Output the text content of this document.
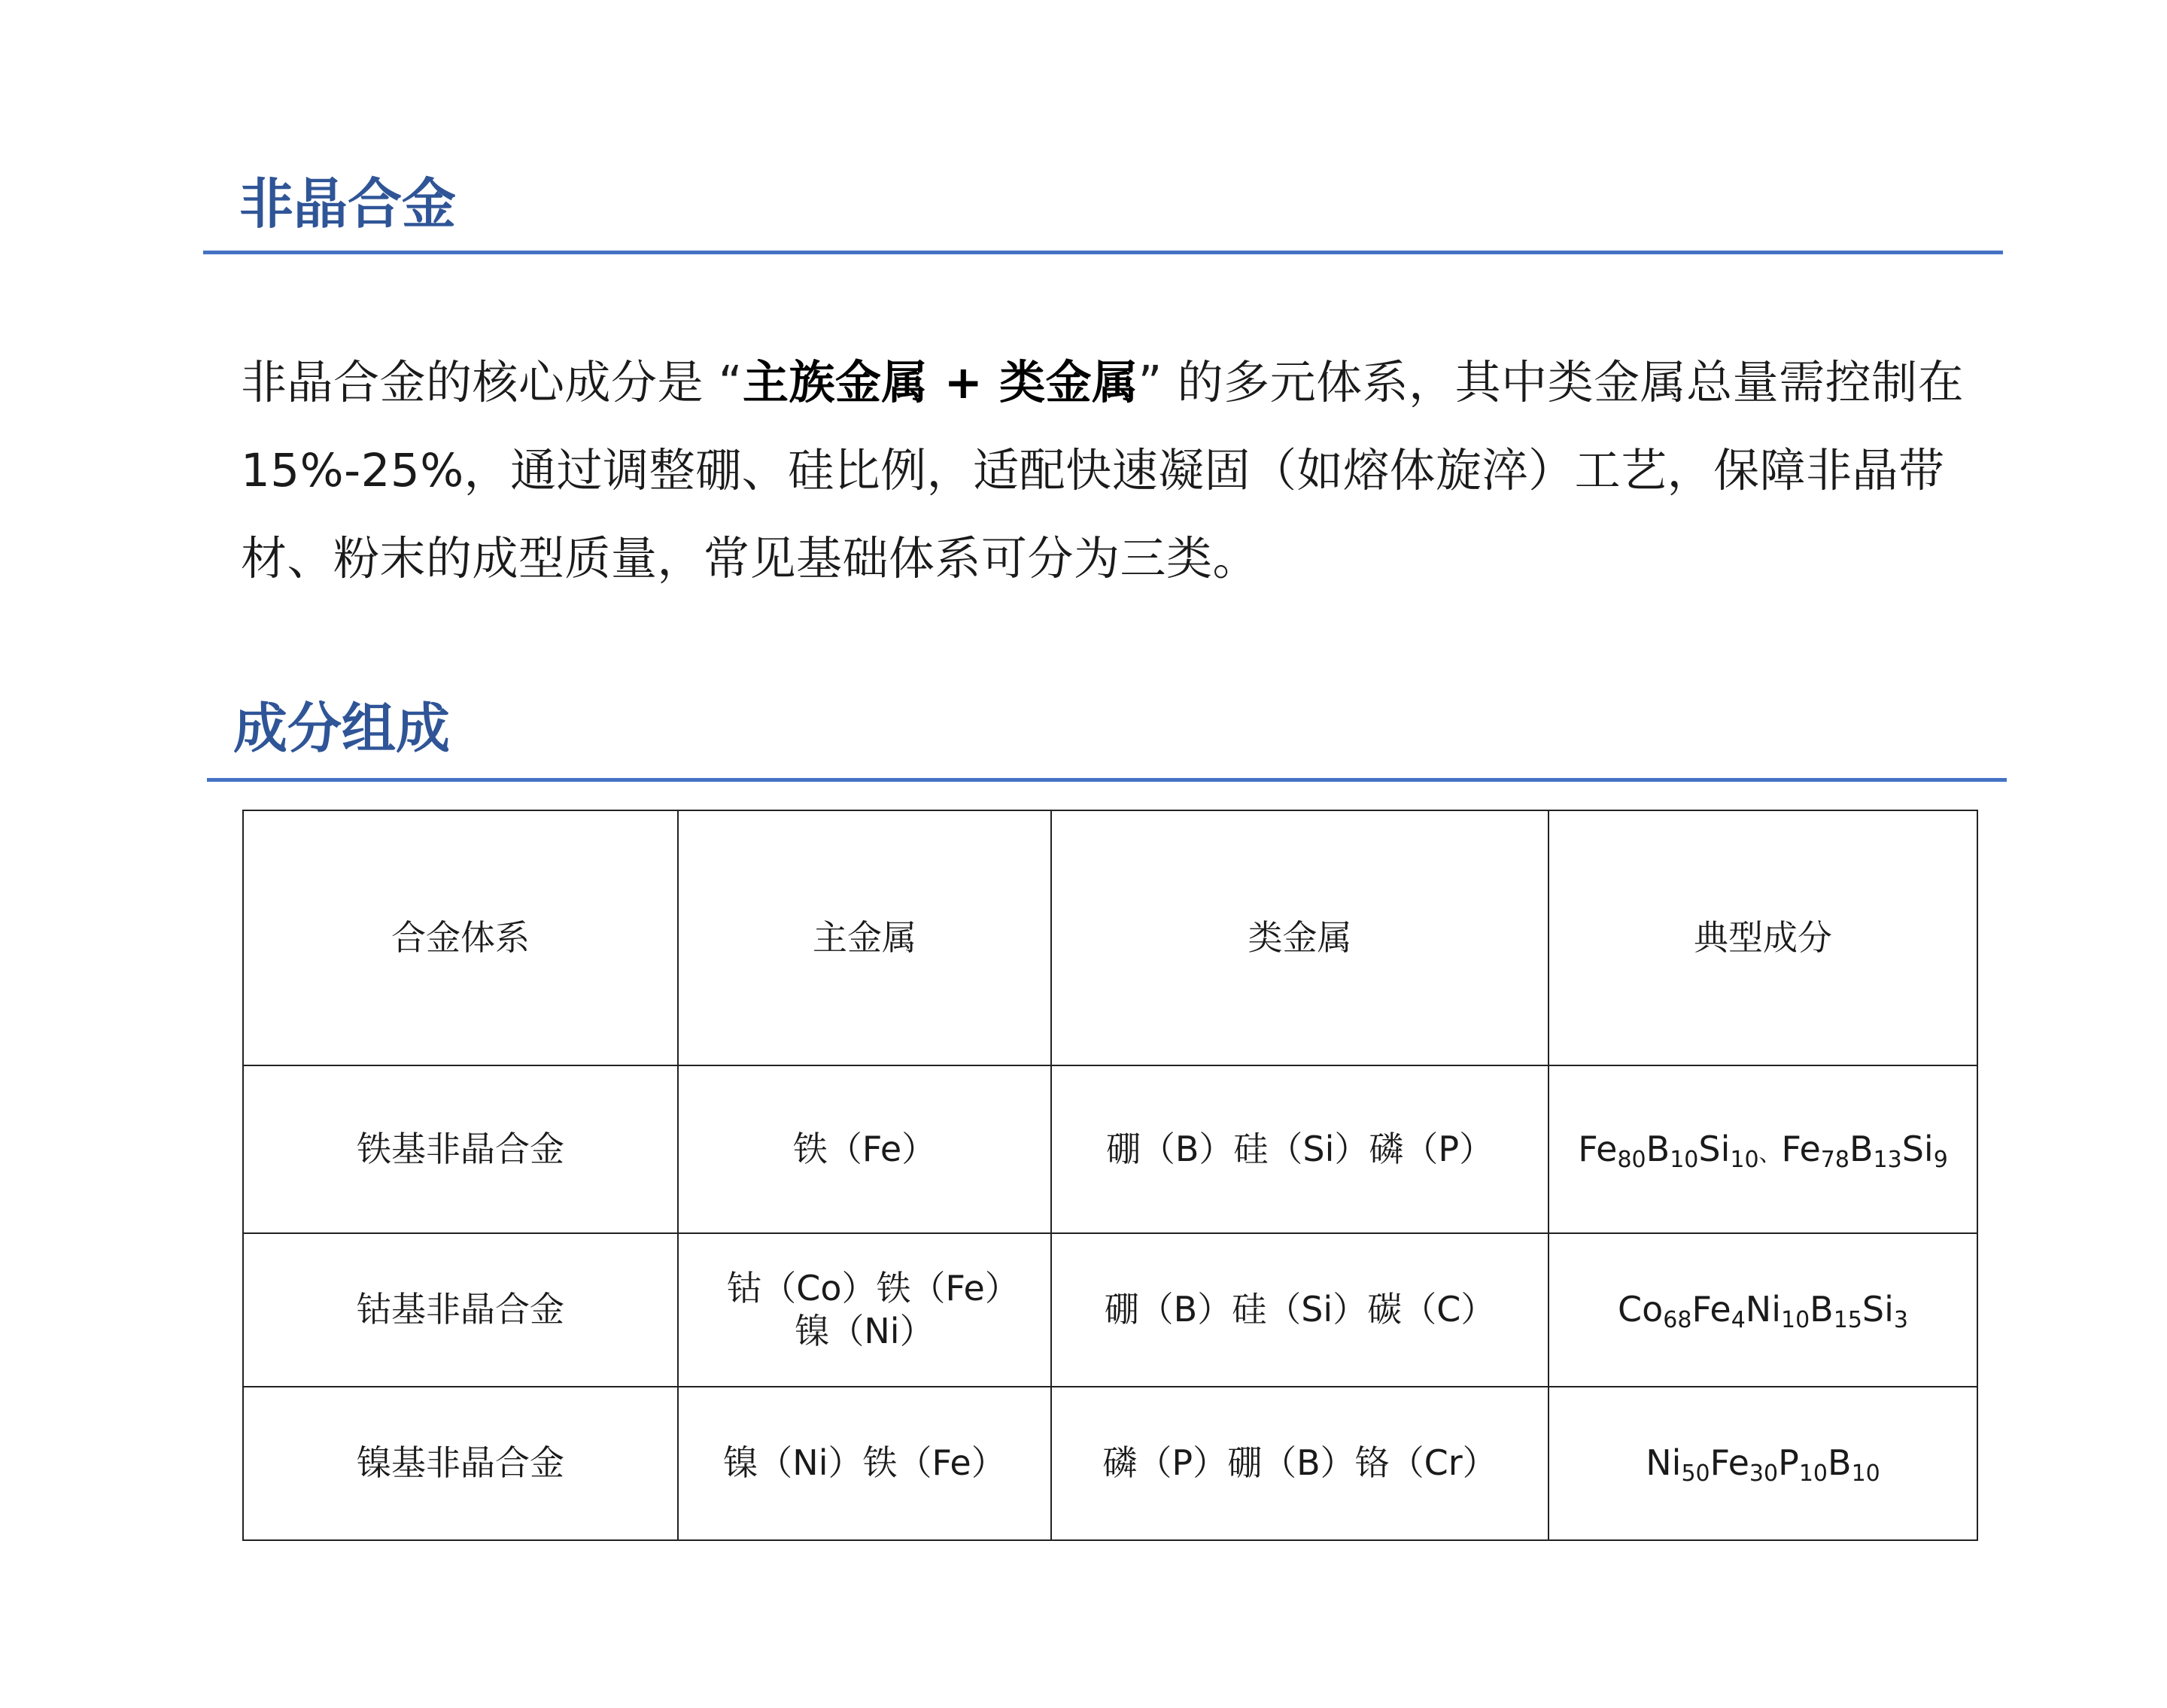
非晶合金

非晶合金的核心成分是 “主族金属 + 类金属” 的多元体系，其中类金属总量需控制在 15%-25%，通过调整硼、硅比例，适配快速凝固（如熔体旋淬）工艺，保障非晶带材、粉末的成型质量，常见基础体系可分为三类。

成分组成
合金体系	主金属	类金属	典型成分
铁基非晶合金	铁（Fe）	硼（B）硅（Si）磷（P）	$Fe_{80}B_{10}Si_{10}$、$Fe_{78}B_{13}Si_9$
钴基非晶合金	钴（Co）铁（Fe）镍（Ni）	硼（B）硅（Si）碳（C）	$Co_{68}Fe_4Ni_{10}B_{15}Si_3$
镍基非晶合金	镍（Ni）铁（Fe）	磷（P）硼（B）铬（Cr）	$Ni_{50}Fe_{30}P_{10}B_{10}$
